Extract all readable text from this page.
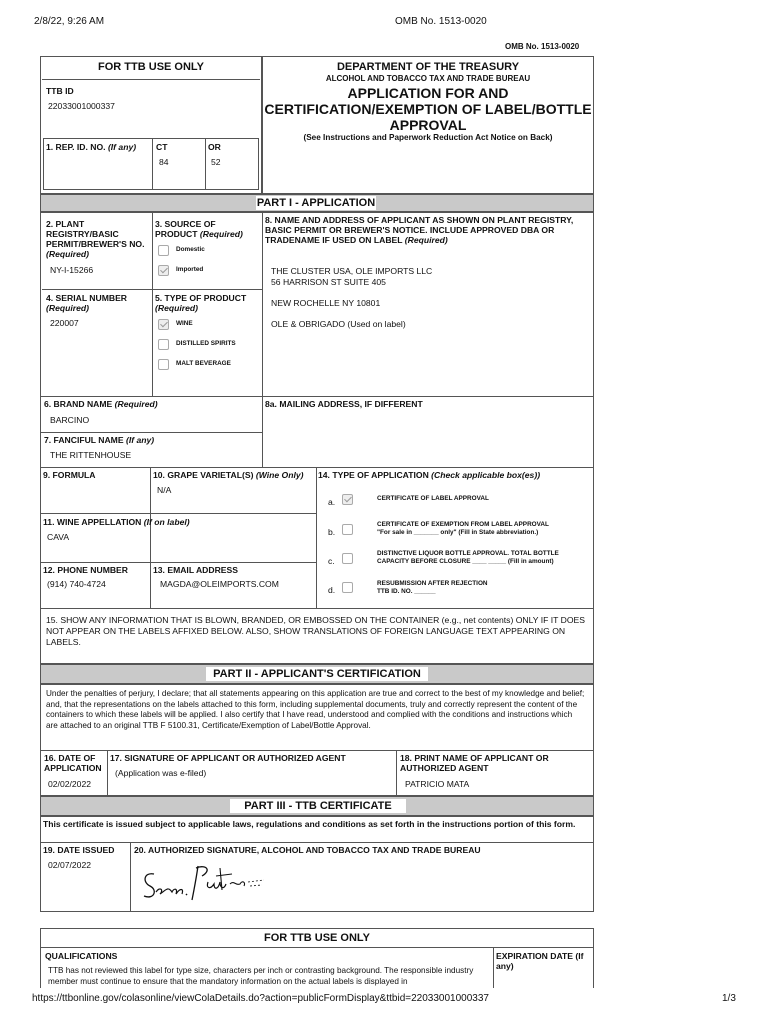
2/8/22, 9:26 AM	OMB No. 1513-0020
https://ttbonline.gov/colasonline/viewColaDetails.do?action=publicFormDisplay&ttbid=22033001000337	1/3
OMB No. 1513-0020
FOR TTB USE ONLY
TTB ID
22033001000337
1. REP. ID. NO. (If any) CT
84
OR
52
DEPARTMENT OF THE TREASURY
ALCOHOL AND TOBACCO TAX AND TRADE BUREAU
APPLICATION FOR AND
CERTIFICATION/EXEMPTION OF LABEL/BOTTLE
APPROVAL
(See Instructions and Paperwork Reduction Act Notice on Back)
PART I - APPLICATION
2. PLANT REGISTRY/BASIC PERMIT/BREWER'S NO. (Required)
NY-I-15266
3. SOURCE OF PRODUCT (Required)
Domestic
Imported
8. NAME AND ADDRESS OF APPLICANT AS SHOWN ON PLANT REGISTRY, BASIC PERMIT OR BREWER'S NOTICE. INCLUDE APPROVED DBA OR TRADENAME IF USED ON LABEL (Required)
THE CLUSTER USA, OLE IMPORTS LLC
56 HARRISON ST SUITE 405
NEW ROCHELLE NY 10801
OLE & OBRIGADO (Used on label)
4. SERIAL NUMBER
(Required)
220007
5. TYPE OF PRODUCT
(Required)
WINE
DISTILLED SPIRITS
MALT BEVERAGE
6. BRAND NAME (Required)
BARCINO
8a. MAILING ADDRESS, IF DIFFERENT
7. FANCIFUL NAME (If any)
THE RITTENHOUSE
9. FORMULA	10. GRAPE VARIETAL(S) (Wine Only)
N/A
14. TYPE OF APPLICATION (Check applicable box(es))
a.	CERTIFICATE OF LABEL APPROVAL
b.
CERTIFICATE OF EXEMPTION FROM LABEL APPROVAL
"For sale in _______ only" (Fill in State abbreviation.)
c.
DISTINCTIVE LIQUOR BOTTLE APPROVAL. TOTAL BOTTLE
CAPACITY BEFORE CLOSURE ____ _____ (Fill in amount)
d.
RESUBMISSION AFTER REJECTION
TTB ID. NO. ______
11. WINE APPELLATION (If on label)
CAVA
12. PHONE NUMBER
(914) 740-4724
13. EMAIL ADDRESS
MAGDA@OLEIMPORTS.COM
15. SHOW ANY INFORMATION THAT IS BLOWN, BRANDED, OR EMBOSSED ON THE CONTAINER (e.g., net contents) ONLY IF IT DOES NOT APPEAR ON THE LABELS AFFIXED BELOW. ALSO, SHOW TRANSLATIONS OF FOREIGN LANGUAGE TEXT APPEARING ON LABELS.
PART II - APPLICANT'S CERTIFICATION
Under the penalties of perjury, I declare; that all statements appearing on this application are true and correct to the best of my knowledge and belief; and, that the representations on the labels attached to this form, including supplemental documents, truly and correctly represent the content of the containers to which these labels will be applied. I also certify that I have read, understood and complied with the conditions and instructions which are attached to an original TTB F 5100.31, Certificate/Exemption of Label/Bottle Approval.
16. DATE OF APPLICATION
02/02/2022
17. SIGNATURE OF APPLICANT OR AUTHORIZED AGENT
(Application was e-filed)
18. PRINT NAME OF APPLICANT OR AUTHORIZED AGENT
PATRICIO MATA
PART III - TTB CERTIFICATE
This certificate is issued subject to applicable laws, regulations and conditions as set forth in the instructions portion of this form.
19. DATE ISSUED
02/07/2022
20. AUTHORIZED SIGNATURE, ALCOHOL AND TOBACCO TAX AND TRADE BUREAU
FOR TTB USE ONLY
QUALIFICATIONS
TTB has not reviewed this label for type size, characters per inch or contrasting background. The responsible industry member must continue to ensure that the mandatory information on the actual labels is displayed in
EXPIRATION DATE (If any)
